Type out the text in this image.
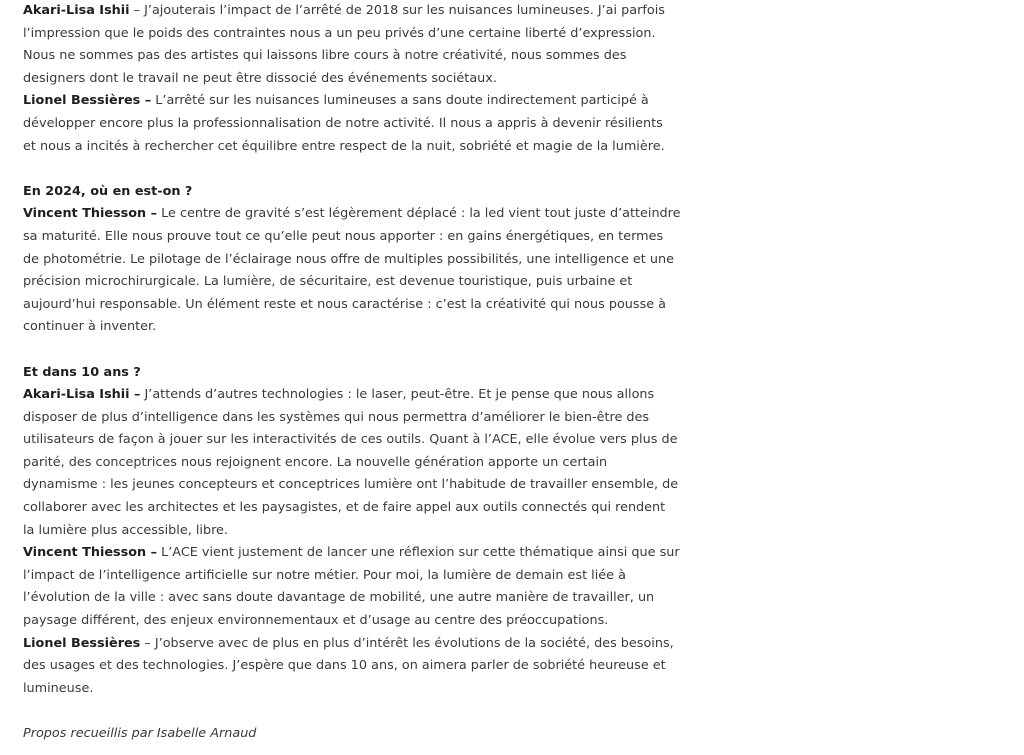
Akari-Lisa Ishii – J’ajouterais l’impact de l’arrêté de 2018 sur les nuisances lumineuses. J’ai parfois
l’impression que le poids des contraintes nous a un peu privés d’une certaine liberté d’expression.
Nous ne sommes pas des artistes qui laissons libre cours à notre créativité, nous sommes des
designers dont le travail ne peut être dissocié des événements sociétaux.

Lionel Bessières – L’arrêté sur les nuisances lumineuses a sans doute indirectement participé à
développer encore plus la professionnalisation de notre activité. Il nous a appris à devenir résilients
et nous a incités à rechercher cet équilibre entre respect de la nuit, sobriété et magie de la lumière.

En 2024, où en est-on ?

Vincent Thiesson – Le centre de gravité s’est légèrement déplacé : la led vient tout juste d’atteindre
sa maturité. Elle nous prouve tout ce qu’elle peut nous apporter : en gains énergétiques, en termes
de photométrie. Le pilotage de l’éclairage nous offre de multiples possibilités, une intelligence et une
précision microchirurgicale. La lumière, de sécuritaire, est devenue touristique, puis urbaine et
aujourd’hui responsable. Un élément reste et nous caractérise : c’est la créativité qui nous pousse à
continuer à inventer.

Et dans 10 ans ?

Akari-Lisa Ishii – J’attends d’autres technologies : le laser, peut-être. Et je pense que nous allons
disposer de plus d’intelligence dans les systèmes qui nous permettra d’améliorer le bien-être des
utilisateurs de façon à jouer sur les interactivités de ces outils. Quant à l’ACE, elle évolue vers plus de
parité, des conceptrices nous rejoignent encore. La nouvelle génération apporte un certain
dynamisme : les jeunes concepteurs et conceptrices lumière ont l’habitude de travailler ensemble, de
collaborer avec les architectes et les paysagistes, et de faire appel aux outils connectés qui rendent
la lumière plus accessible, libre.

Vincent Thiesson – L’ACE vient justement de lancer une réflexion sur cette thématique ainsi que sur
l’impact de l’intelligence artificielle sur notre métier. Pour moi, la lumière de demain est liée à
l’évolution de la ville : avec sans doute davantage de mobilité, une autre manière de travailler, un
paysage différent, des enjeux environnementaux et d’usage au centre des préoccupations.

Lionel Bessières – J’observe avec de plus en plus d’intérêt les évolutions de la société, des besoins,
des usages et des technologies. J’espère que dans 10 ans, on aimera parler de sobriété heureuse et
lumineuse.

Propos recueillis par Isabelle Arnaud
